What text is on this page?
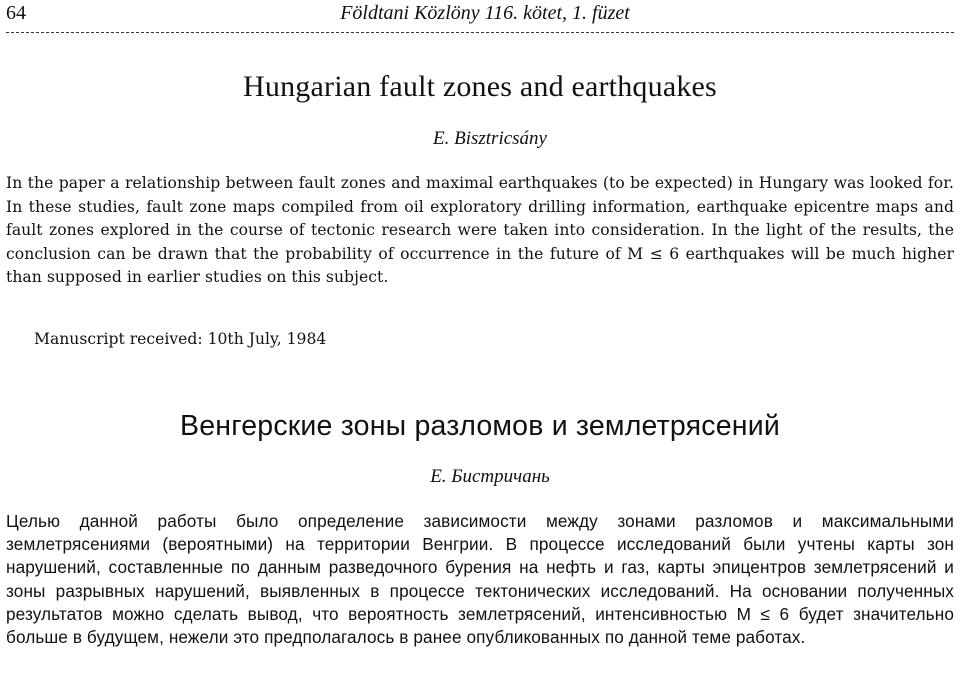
64	Földtani Közlöny 116. kötet, 1. füzet
Hungarian fault zones and earthquakes
E. Bisztricsány

In the paper a relationship between fault zones and maximal earthquakes (to be expected) in Hungary was looked for. In these studies, fault zone maps compiled from oil exploratory drilling information, earthquake epicentre maps and fault zones explored in the course of tectonic research were taken into consideration. In the light of the results, the conclusion can be drawn that the probability of occurrence in the future of M ≤ 6 earthquakes will be much higher than supposed in earlier studies on this subject.

Manuscript received: 10th July, 1984
Венгерские зоны разломов и землетрясений
Е. Бистричань

Целью данной работы было определение зависимости между зонами разломов и максимальными землетрясениями (вероятными) на территории Венгрии. В процессе исследований были учтены карты зон нарушений, составленные по данным разведочного бурения на нефть и газ, карты эпицентров землетрясений и зоны разрывных нарушений, выявленных в процессе тектонических исследований. На основании полученных результатов можно сделать вывод, что вероятность землетрясений, интенсивностью М ≤ 6 будет значительно больше в будущем, нежели это предполагалось в ранее опубликованных по данной теме работах.
